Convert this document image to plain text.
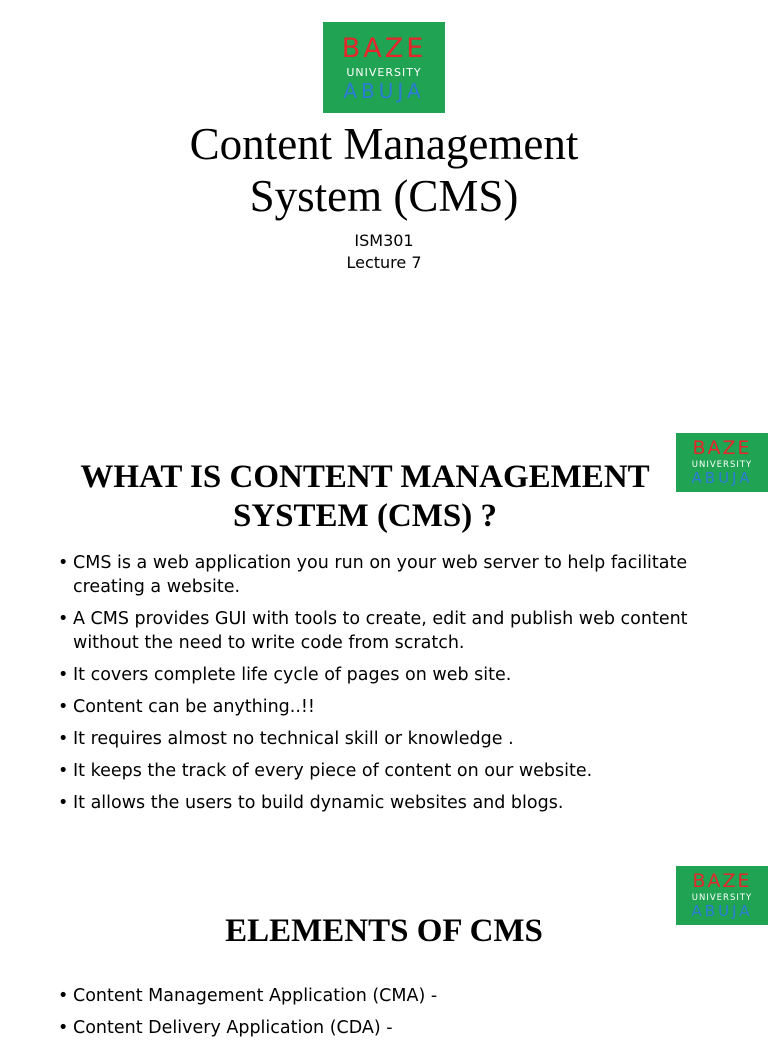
BAZE
UNIVERSITY
ABUJA
Content Management
System (CMS)
ISM301
Lecture 7
BAZE
UNIVERSITY
ABUJA
WHAT IS CONTENT MANAGEMENT
SYSTEM (CMS) ?
• CMS is a web application you run on your web server to help facilitate creating a website.
• A CMS provides GUI with tools to create, edit and publish web content without the need to write code from scratch.
• It covers complete life cycle of pages on web site.
• Content can be anything..!!
• It requires almost no technical skill or knowledge .
• It keeps the track of every piece of content on our website.
• It allows the users to build dynamic websites and blogs.
BAZE
UNIVERSITY
ABUJA
ELEMENTS OF CMS
• Content Management Application (CMA) -
• Content Delivery Application (CDA) -
